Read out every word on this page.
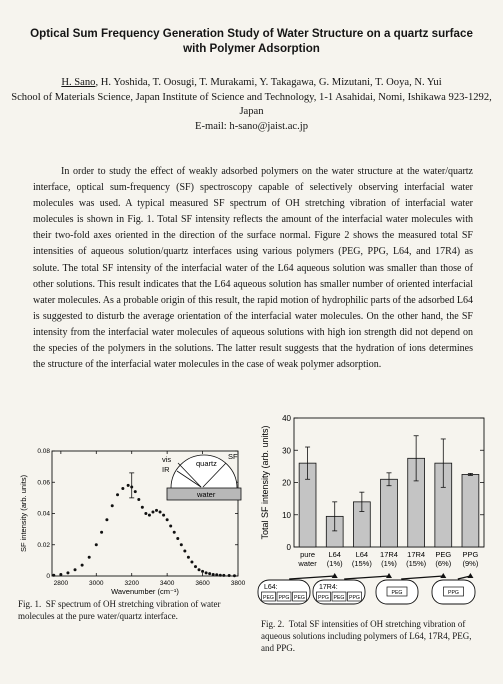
Optical Sum Frequency Generation Study of Water Structure on a quartz surface with Polymer Adsorption
H. Sano, H. Yoshida, T. Oosugi, T. Murakami, Y. Takagawa, G. Mizutani, T. Ooya, N. Yui
School of Materials Science, Japan Institute of Science and Technology, 1-1 Asahidai, Nomi, Ishikawa 923-1292, Japan
E-mail: h-sano@jaist.ac.jp

In order to study the effect of weakly adsorbed polymers on the water structure at the water/quartz interface, optical sum-frequency (SF) spectroscopy capable of selectively observing interfacial water molecules was used. A typical measured SF spectrum of OH stretching vibration of interfacial water molecules is shown in Fig. 1. Total SF intensity reflects the amount of the interfacial water molecules with their two-fold axes oriented in the direction of the surface normal. Figure 2 shows the measured total SF intensities of aqueous solution/quartz interfaces using various polymers (PEG, PPG, L64, and 17R4) as solute. The total SF intensity of the interfacial water of the L64 aqueous solution was smaller than those of other solutions. This result indicates that the L64 aqueous solution has smaller number of oriented interfacial water molecules. As a probable origin of this result, the rapid motion of hydrophilic parts of the adsorbed L64 is suggested to disturb the average orientation of the interfacial water molecules. On the other hand, the SF intensity from the interfacial water molecules of aqueous solutions with high ion strength did not depend on the species of the polymers in the solutions. The latter result suggests that the hydration of ions determines the structure of the interfacial water molecules in the case of weak polymer adsorption.

2800	3000	3200	3400	3600	3800
0
0.02
0.04
0.06
0.08
Wavenumber (cm⁻¹)
SF intensity (arb. units)
vis
IR
quartz
SF
water
Fig. 1. SF spectrum of OH stretching vibration of water molecules at the pure water/quartz interface.
0
10
20
30
40
Total SF intensity (arb. units)
pure
water
L64
(1%)
L64
(15%)
17R4
(1%)
17R4
(15%)
PEG
(6%)
PPG
(9%)
L64:
PEG PPG PEG
17R4:
PPG PEG PPG
PEG	PPG
Fig. 2. Total SF intensities of OH stretching vibration of aqueous solutions including polymers of L64, 17R4, PEG, and PPG.
